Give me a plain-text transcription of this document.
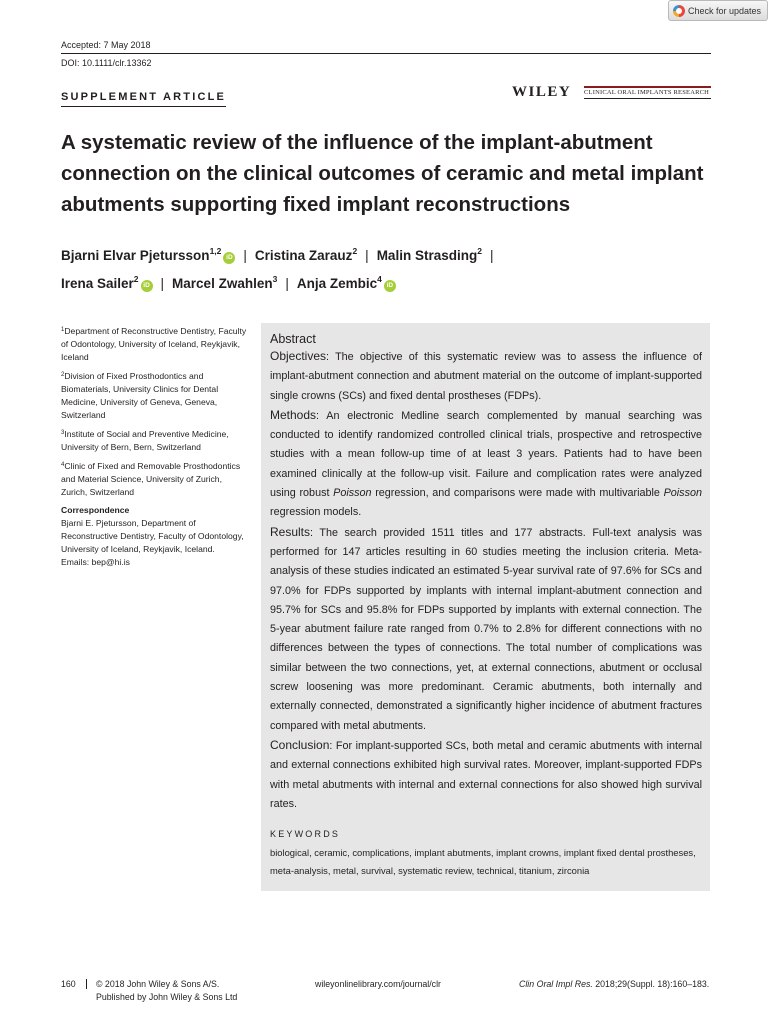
Check for updates
Accepted: 7 May 2018
DOI: 10.1111/clr.13362
SUPPLEMENT ARTICLE	WILEY CLINICAL ORAL IMPLANTS RESEARCH
A systematic review of the influence of the implant-abutment connection on the clinical outcomes of ceramic and metal implant abutments supporting fixed implant reconstructions
Bjarni Elvar Pjetursson$^{1,2}$iD | Cristina Zarauz$^2$ | Malin Strasding$^2$ |
Irena Sailer$^2$iD | Marcel Zwahlen$^3$ | Anja Zembic$^4$iD
$^1$Department of Reconstructive Dentistry, Faculty of Odontology, University of Iceland, Reykjavik, Iceland
$^2$Division of Fixed Prosthodontics and Biomaterials, University Clinics for Dental Medicine, University of Geneva, Geneva, Switzerland
$^3$Institute of Social and Preventive Medicine, University of Bern, Bern, Switzerland
$^4$Clinic of Fixed and Removable Prosthodontics and Material Science, University of Zurich, Zurich, Switzerland
Correspondence
Bjarni E. Pjetursson, Department of Reconstructive Dentistry, Faculty of Odontology, University of Iceland, Reykjavik, Iceland.
Emails: bep@hi.is
Abstract

Objectives: The objective of this systematic review was to assess the influence of implant-abutment connection and abutment material on the outcome of implant-supported single crowns (SCs) and fixed dental prostheses (FDPs).

Methods: An electronic Medline search complemented by manual searching was conducted to identify randomized controlled clinical trials, prospective and retrospective studies with a mean follow-up time of at least 3 years. Patients had to have been examined clinically at the follow-up visit. Failure and complication rates were analyzed using robust Poisson regression, and comparisons were made with multivariable Poisson regression models.

Results: The search provided 1511 titles and 177 abstracts. Full-text analysis was performed for 147 articles resulting in 60 studies meeting the inclusion criteria. Meta-analysis of these studies indicated an estimated 5-year survival rate of 97.6% for SCs and 97.0% for FDPs supported by implants with internal implant-abutment connection and 95.7% for SCs and 95.8% for FDPs supported by implants with external connection. The 5-year abutment failure rate ranged from 0.7% to 2.8% for different connections with no differences between the types of connections. The total number of complications was similar between the two connections, yet, at external connections, abutment or occlusal screw loosening was more predominant. Ceramic abutments, both internally and externally connected, demonstrated a significantly higher incidence of abutment fractures compared with metal abutments.

Conclusion: For implant-supported SCs, both metal and ceramic abutments with internal and external connections exhibited high survival rates. Moreover, implant-supported FDPs with metal abutments with internal and external connections for also showed high survival rates.

KEYWORDS
biological, ceramic, complications, implant abutments, implant crowns, implant fixed dental prostheses, meta-analysis, metal, survival, systematic review, technical, titanium, zirconia
160 © 2018 John Wiley & Sons A/S.
Published by John Wiley & Sons Ltd
wileyonlinelibrary.com/journal/clr	Clin Oral Impl Res. 2018;29(Suppl. 18):160–183.
